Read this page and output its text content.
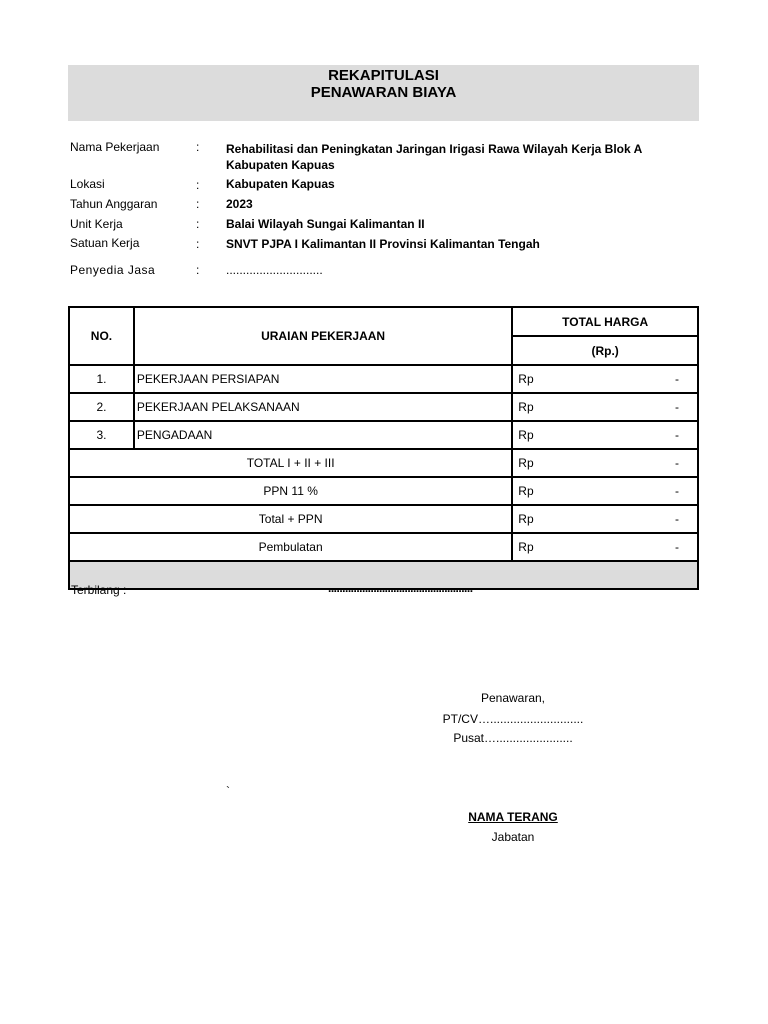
REKAPITULASI
PENAWARAN BIAYA
Nama Pekerjaan	: Rehabilitasi dan Peningkatan Jaringan Irigasi Rawa Wilayah Kerja Blok A
Kabupaten Kapuas
Lokasi	: Kabupaten Kapuas
Tahun Anggaran	: 2023
Unit Kerja	: Balai Wilayah Sungai Kalimantan II
Satuan Kerja	: SNVT PJPA I Kalimantan II Provinsi Kalimantan Tengah
Penyedia Jasa	: .............................
NO.	URAIAN PEKERJAAN	TOTAL HARGA
		(Rp.)
1.	PEKERJAAN PERSIAPAN	Rp -

2.	PEKERJAAN PELAKSANAAN	Rp -

3.	PENGADAAN	Rp -

TOTAL I + II + III		Rp -

PPN 11 %		Rp -

Total + PPN		Rp -

Pembulatan		Rp -

Terbilang : ...................................................		
Penawaran,
PT/CV…............................
Pusat….......................
`
NAMA TERANG
Jabatan
